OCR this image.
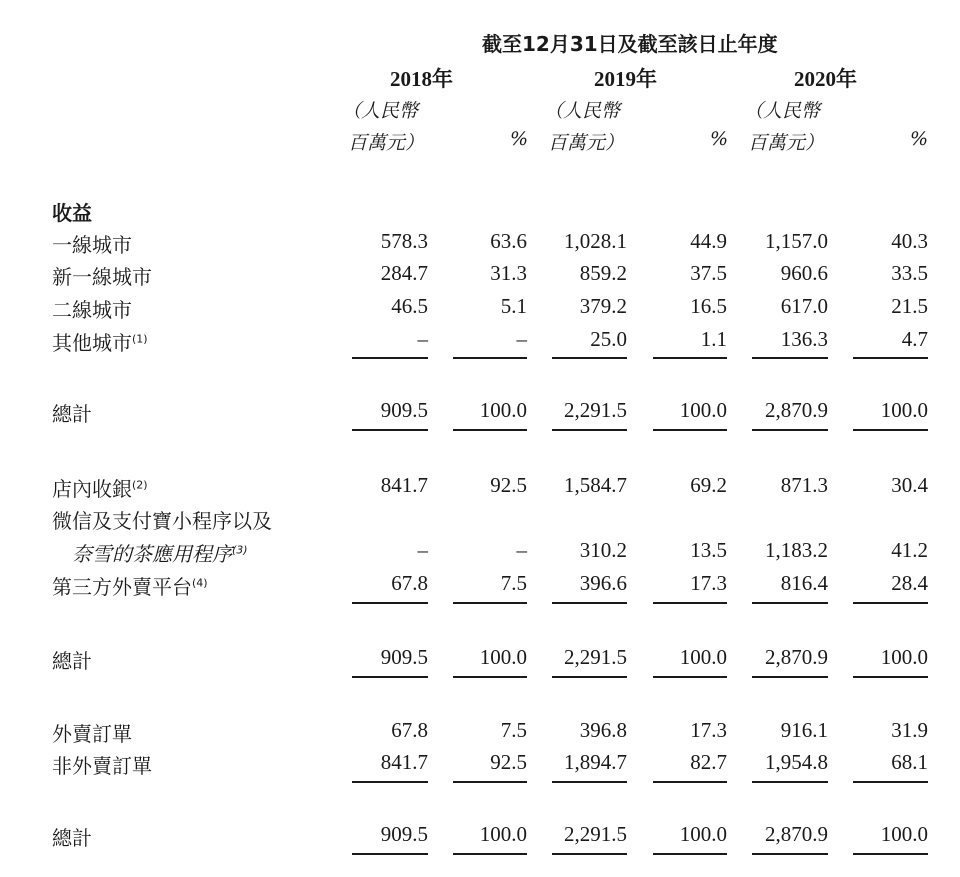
截至12月31日及截至該日止年度
2018年	2019年	2020年
（人民幣
百萬元）	%
（人民幣
百萬元）	%
（人民幣
百萬元）	%
收益
一線城市	578.3	63.6 1,028.1	44.9 1,157.0	40.3
新一線城市	284.7	31.3	859.2	37.5	960.6	33.5
二線城市	46.5	5.1	379.2	16.5	617.0	21.5
其他城市$^{(1)}$	–	–	25.0	1.1	136.3	4.7
總計	909.5 100.0 2,291.5	100.0 2,870.9	100.0
店內收銀$^{(2)}$	841.7	92.5 1,584.7	69.2	871.3	30.4
微信及支付寶小程序以及
奈雪的茶應用程序$^{(3)}$	–	–	310.2	13.5 1,183.2	41.2
第三方外賣平台$^{(4)}$	67.8	7.5	396.6	17.3	816.4	28.4
總計	909.5 100.0 2,291.5	100.0 2,870.9	100.0
外賣訂單	67.8	7.5	396.8	17.3	916.1	31.9
非外賣訂單	841.7	92.5 1,894.7	82.7 1,954.8	68.1
總計	909.5 100.0 2,291.5	100.0 2,870.9	100.0
